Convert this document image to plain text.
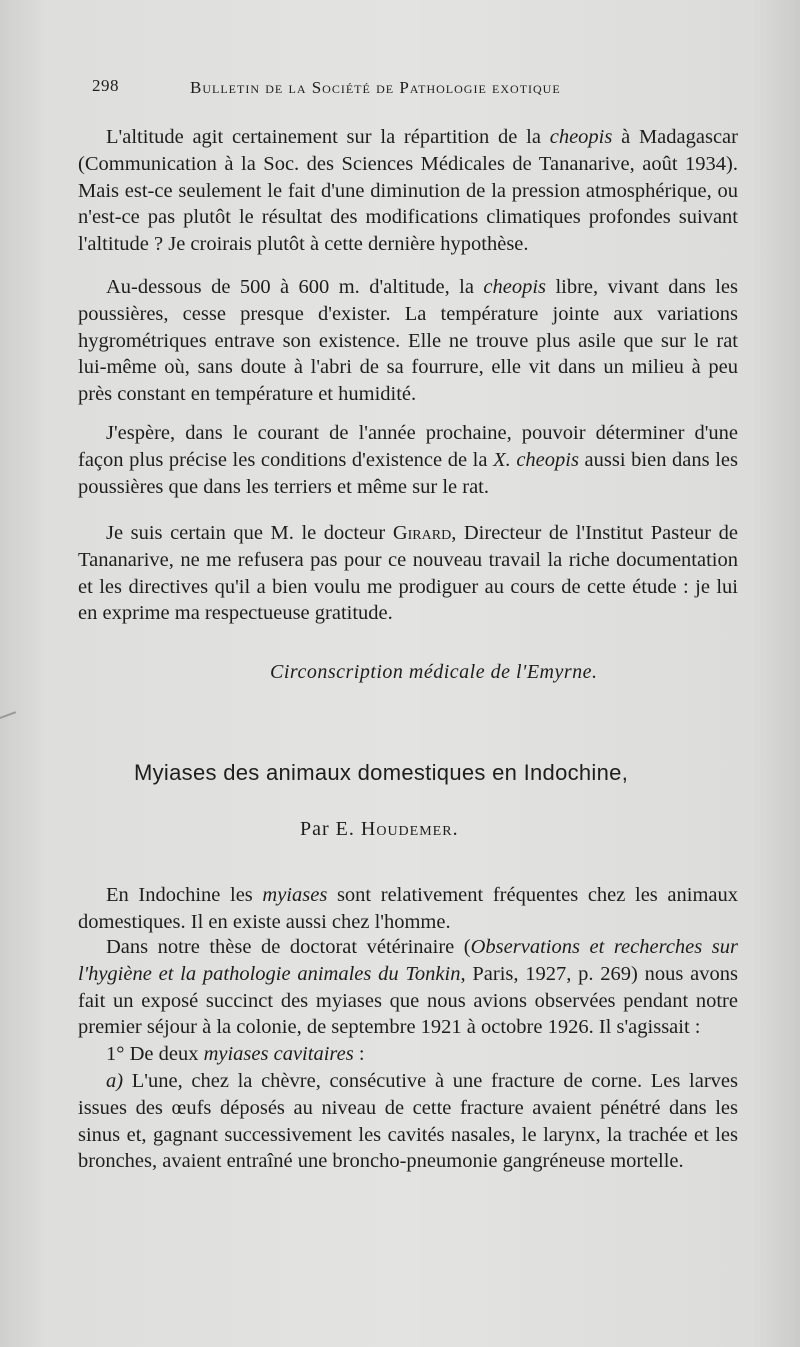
298	Bulletin de la Société de Pathologie exotique

L'altitude agit certainement sur la répartition de la cheopis à Madagascar (Communication à la Soc. des Sciences Médicales de Tananarive, août 1934). Mais est-ce seulement le fait d'une diminution de la pression atmosphérique, ou n'est-ce pas plutôt le résultat des modifications climatiques profondes suivant l'altitude ? Je croirais plutôt à cette dernière hypothèse.

Au-dessous de 500 à 600 m. d'altitude, la cheopis libre, vivant dans les poussières, cesse presque d'exister. La température jointe aux variations hygrométriques entrave son existence. Elle ne trouve plus asile que sur le rat lui-même où, sans doute à l'abri de sa fourrure, elle vit dans un milieu à peu près constant en température et humidité.

J'espère, dans le courant de l'année prochaine, pouvoir déterminer d'une façon plus précise les conditions d'existence de la X. cheopis aussi bien dans les poussières que dans les terriers et même sur le rat.

Je suis certain que M. le docteur Girard, Directeur de l'Institut Pasteur de Tananarive, ne me refusera pas pour ce nouveau travail la riche documentation et les directives qu'il a bien voulu me prodiguer au cours de cette étude : je lui en exprime ma respectueuse gratitude.

Circonscription médicale de l'Emyrne.
Myiases des animaux domestiques en Indochine,
Par E. Houdemer.

En Indochine les myiases sont relativement fréquentes chez les animaux domestiques. Il en existe aussi chez l'homme.

Dans notre thèse de doctorat vétérinaire (Observations et recherches sur l'hygiène et la pathologie animales du Tonkin, Paris, 1927, p. 269) nous avons fait un exposé succinct des myiases que nous avions observées pendant notre premier séjour à la colonie, de septembre 1921 à octobre 1926. Il s'agissait :

1° De deux myiases cavitaires :

a) L'une, chez la chèvre, consécutive à une fracture de corne. Les larves issues des œufs déposés au niveau de cette fracture avaient pénétré dans les sinus et, gagnant successivement les cavités nasales, le larynx, la trachée et les bronches, avaient entraîné une broncho-pneumonie gangréneuse mortelle.
